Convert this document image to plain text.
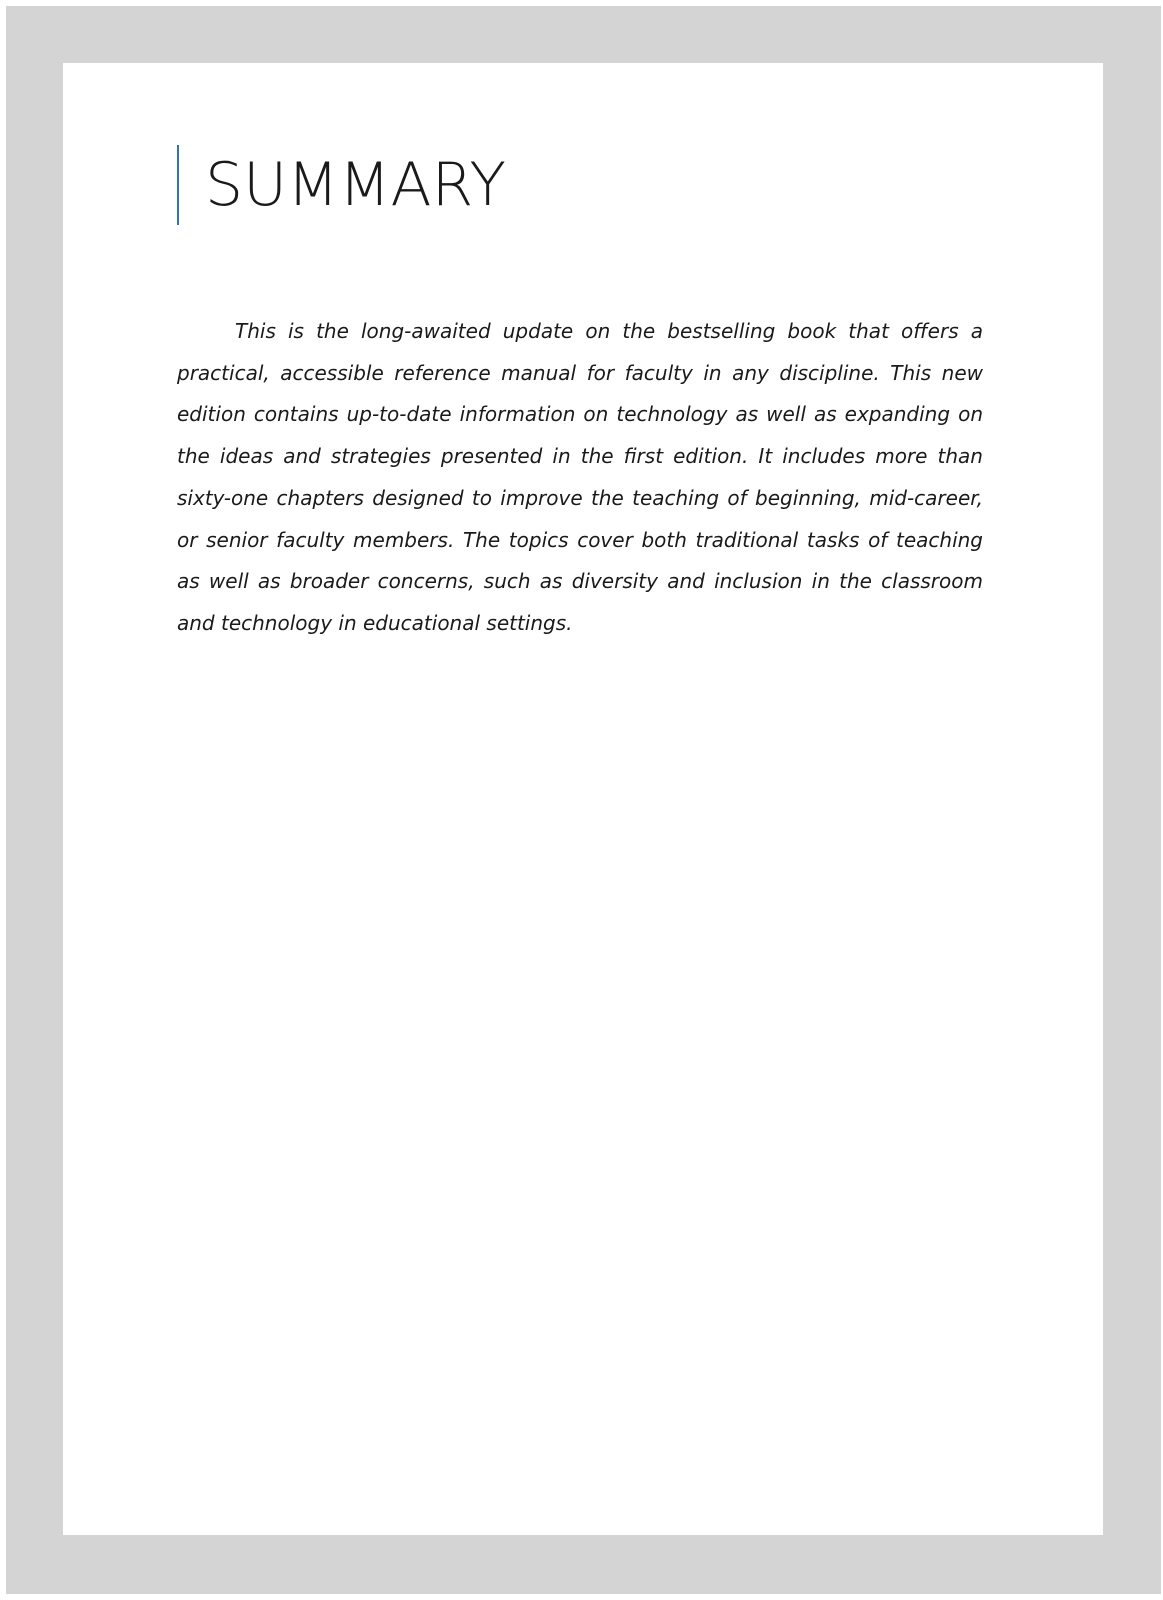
SUMMARY

This is the long-awaited update on the bestselling book that offers a practical, accessible reference manual for faculty in any discipline. This new edition contains up-to-date information on technology as well as expanding on the ideas and strategies presented in the first edition. It includes more than sixty-one chapters designed to improve the teaching of beginning, mid-career, or senior faculty members. The topics cover both traditional tasks of teaching as well as broader concerns, such as diversity and inclusion in the classroom and technology in educational settings.
